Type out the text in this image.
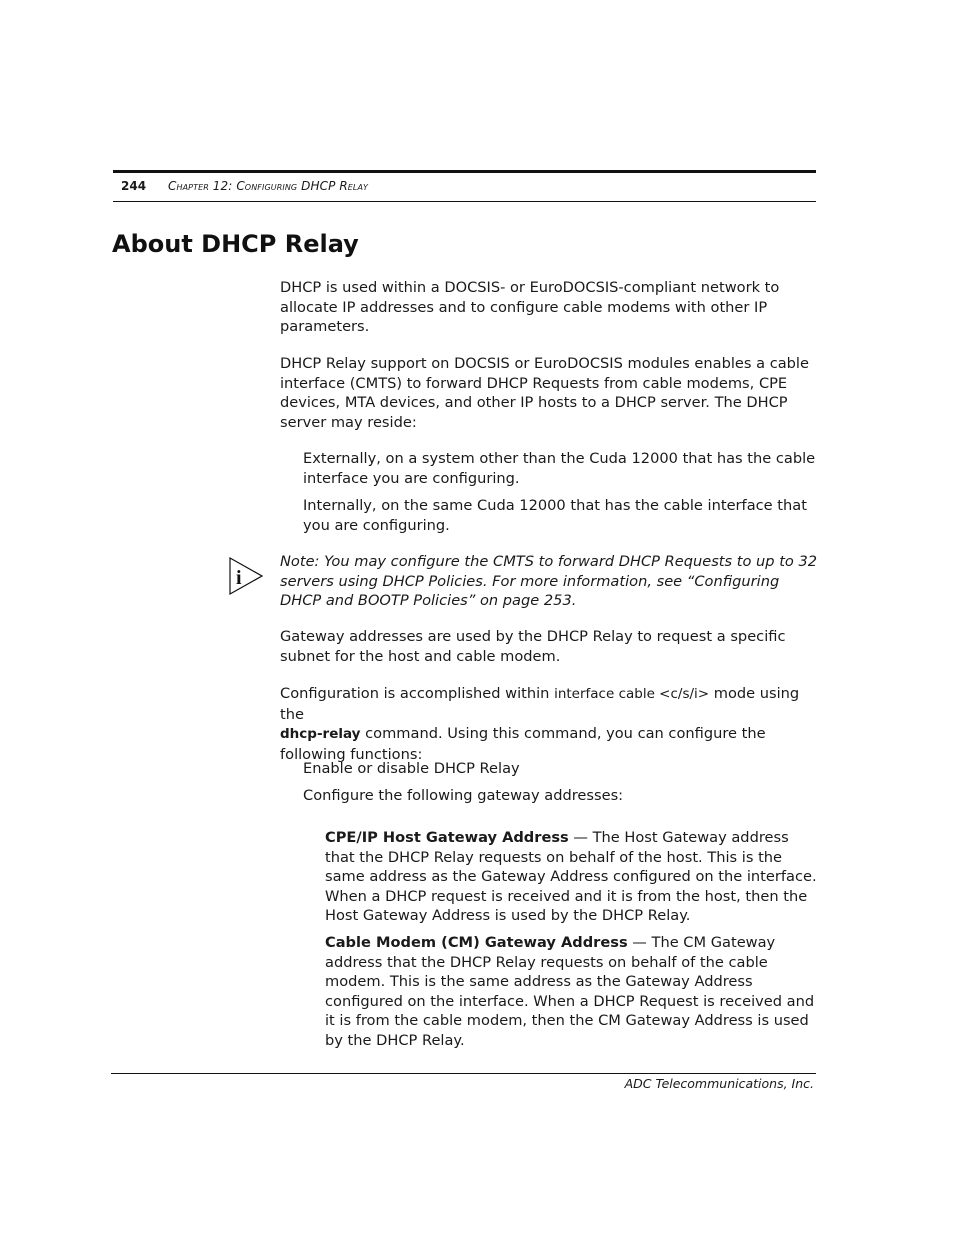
244 Chapter 12: Configuring DHCP Relay
About DHCP Relay

DHCP is used within a DOCSIS- or EuroDOCSIS-compliant network to allocate IP addresses and to configure cable modems with other IP parameters.

DHCP Relay support on DOCSIS or EuroDOCSIS modules enables a cable interface (CMTS) to forward DHCP Requests from cable modems, CPE devices, MTA devices, and other IP hosts to a DHCP server. The DHCP server may reside:

Externally, on a system other than the Cuda 12000 that has the cable interface you are configuring.

Internally, on the same Cuda 12000 that has the cable interface that you are configuring.

i

Note: You may configure the CMTS to forward DHCP Requests to up to 32 servers using DHCP Policies. For more information, see “Configuring DHCP and BOOTP Policies” on page 253.

Gateway addresses are used by the DHCP Relay to request a specific subnet for the host and cable modem.

Configuration is accomplished within interface cable <c/s/i> mode using the
dhcp-relay command. Using this command, you can configure the following functions:

Enable or disable DHCP Relay

Configure the following gateway addresses:

CPE/IP Host Gateway Address — The Host Gateway address that the DHCP Relay requests on behalf of the host. This is the same address as the Gateway Address configured on the interface. When a DHCP request is received and it is from the host, then the Host Gateway Address is used by the DHCP Relay.

Cable Modem (CM) Gateway Address — The CM Gateway address that the DHCP Relay requests on behalf of the cable modem. This is the same address as the Gateway Address configured on the interface. When a DHCP Request is received and it is from the cable modem, then the CM Gateway Address is used by the DHCP Relay.

ADC Telecommunications, Inc.
